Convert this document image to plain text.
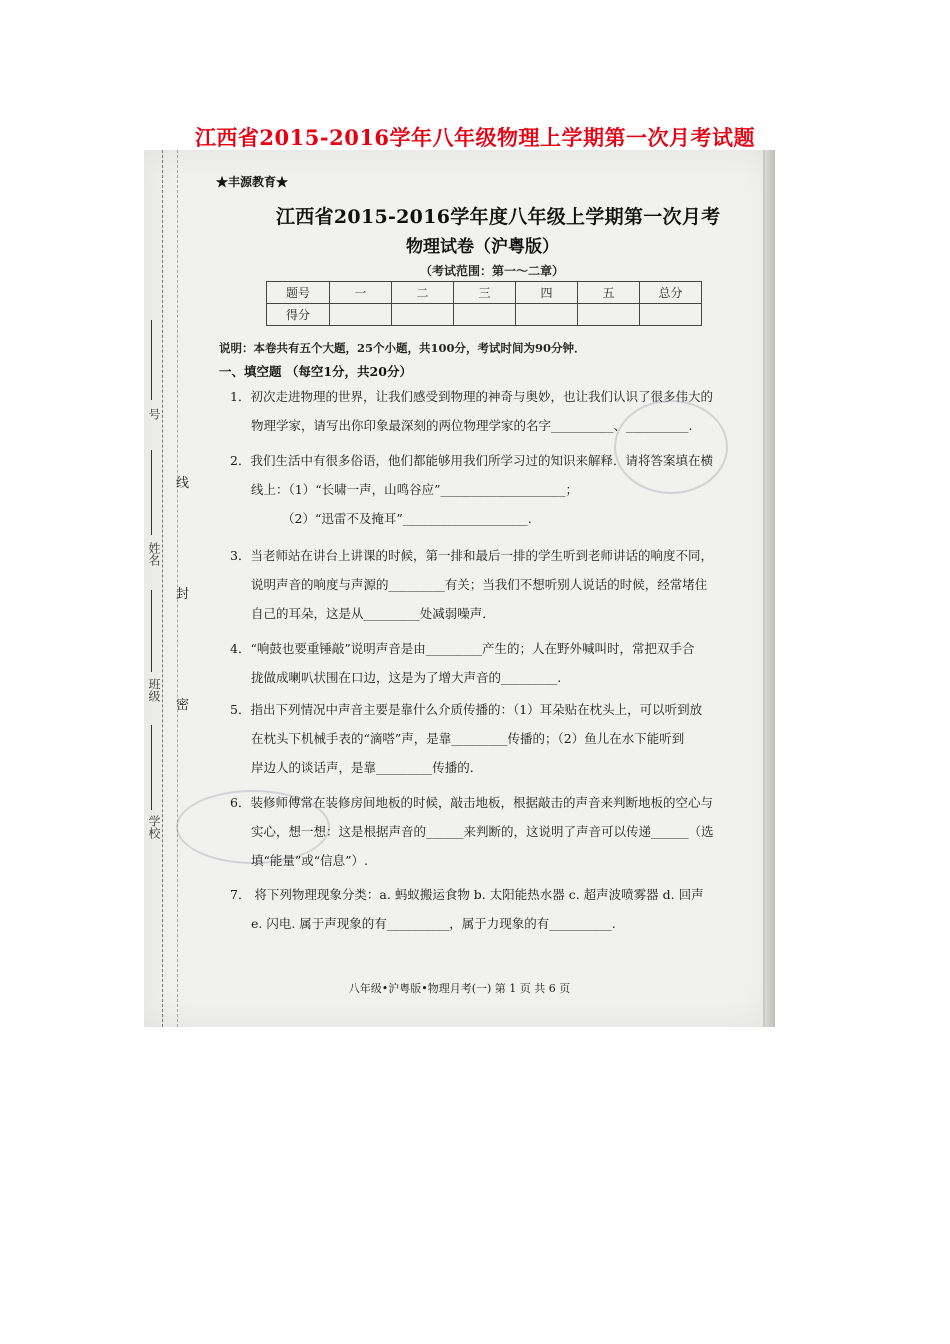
江西省2015-2016学年八年级物理上学期第一次月考试题
线
封
密
号
姓名
班级
学校
★丰源教育★
江西省2015-2016学年度八年级上学期第一次月考
物理试卷（沪粤版）
（考试范围：第一～二章）
题号	一	二	三	四	五	总分
得分						
说明：本卷共有五个大题，25个小题，共100分，考试时间为90分钟．
一、填空题 （每空1分，共20分）
1．初次走进物理的世界，让我们感受到物理的神奇与奥妙，也让我们认识了很多伟大的
物理学家，请写出你印象最深刻的两位物理学家的名字__________、__________.
2．我们生活中有很多俗语，他们都能够用我们所学习过的知识来解释．请将答案填在横
线上：（1）“长啸一声，山鸣谷应”____________________；
（2）“迅雷不及掩耳”____________________.
3．当老师站在讲台上讲课的时候，第一排和最后一排的学生听到老师讲话的响度不同，
说明声音的响度与声源的_________有关；当我们不想听别人说话的时候，经常堵住
自己的耳朵，这是从_________处减弱噪声．
4．“响鼓也要重锤敲”说明声音是由_________产生的；人在野外喊叫时，常把双手合
拢做成喇叭状围在口边，这是为了增大声音的_________.
5．指出下列情况中声音主要是靠什么介质传播的：（1）耳朵贴在枕头上，可以听到放
在枕头下机械手表的“滴嗒”声，是靠_________传播的；（2）鱼儿在水下能听到
岸边人的谈话声，是靠_________传播的．
6．装修师傅常在装修房间地板的时候，敲击地板，根据敲击的声音来判断地板的空心与
实心，想一想：这是根据声音的______来判断的，这说明了声音可以传递______（选
填“能量”或“信息”）.
7． 将下列物理现象分类：a. 蚂蚁搬运食物 b. 太阳能热水器 c. 超声波喷雾器 d. 回声
e. 闪电. 属于声现象的有__________，属于力现象的有__________.
八年级•沪粤版•物理月考(一) 第 1 页 共 6 页
